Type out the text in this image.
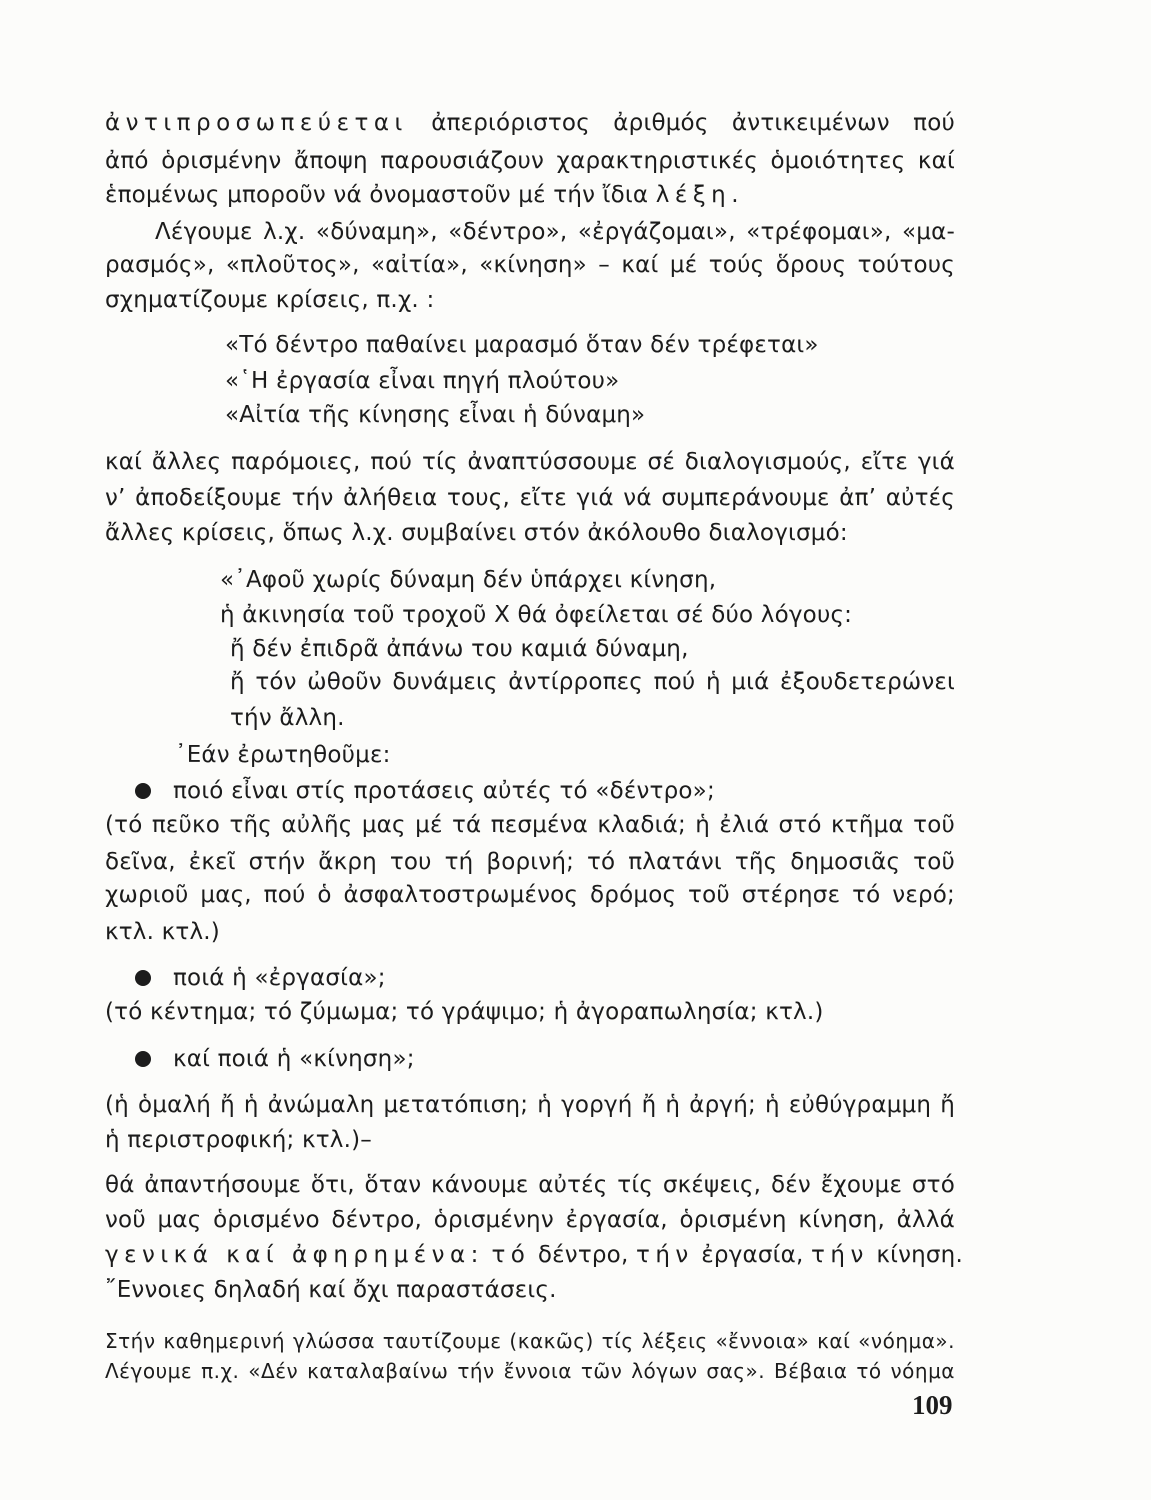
ἀντιπροσωπεύεται ἀπεριόριστος ἀριθμός ἀντικειμένων πού
ἀπό ὁρισμένην ἄποψη παρουσιάζουν χαρακτηριστικές ὁμοιότητες καί
ἑπομένως μποροῦν νά ὀνομαστοῦν μέ τήν ἴδια λέξη.
Λέγουμε λ.χ. «δύναμη», «δέντρο», «ἐργάζομαι», «τρέφομαι», «μα-
ρασμός», «πλοῦτος», «αἰτία», «κίνηση» – καί μέ τούς ὅρους τούτους
σχηματίζουμε κρίσεις, π.χ. :
«Τό δέντρο παθαίνει μαρασμό ὅταν δέν τρέφεται»
«῾Η ἐργασία εἶναι πηγή πλούτου»
«Αἰτία τῆς κίνησης εἶναι ἡ δύναμη»
καί ἄλλες παρόμοιες, πού τίς ἀναπτύσσουμε σέ διαλογισμούς, εἴτε γιά
ν’ ἀποδείξουμε τήν ἀλήθεια τους, εἴτε γιά νά συμπεράνουμε ἀπ’ αὐτές
ἄλλες κρίσεις, ὅπως λ.χ. συμβαίνει στόν ἀκόλουθο διαλογισμό:
«᾿Αφοῦ χωρίς δύναμη δέν ὑπάρχει κίνηση,
ἡ ἀκινησία τοῦ τροχοῦ Χ θά ὀφείλεται σέ δύο λόγους:
ἤ δέν ἐπιδρᾶ ἀπάνω του καμιά δύναμη,
ἤ τόν ὠθοῦν δυνάμεις ἀντίρροπες πού ἡ μιά ἐξουδετερώνει
τήν ἄλλη.
᾿Εάν ἐρωτηθοῦμε:
ποιό εἶναι στίς προτάσεις αὐτές τό «δέντρο»;
(τό πεῦκο τῆς αὐλῆς μας μέ τά πεσμένα κλαδιά; ἡ ἐλιά στό κτῆμα τοῦ
δεῖνα, ἐκεῖ στήν ἄκρη του τή βορινή; τό πλατάνι τῆς δημοσιᾶς τοῦ
χωριοῦ μας, πού ὁ ἀσφαλτοστρωμένος δρόμος τοῦ στέρησε τό νερό;
κτλ. κτλ.)
ποιά ἡ «ἐργασία»;
(τό κέντημα; τό ζύμωμα; τό γράψιμο; ἡ ἀγοραπωλησία; κτλ.)
καί ποιά ἡ «κίνηση»;
(ἡ ὁμαλή ἤ ἡ ἀνώμαλη μετατόπιση; ἡ γοργή ἤ ἡ ἀργή; ἡ εὐθύγραμμη ἤ
ἡ περιστροφική; κτλ.)–
θά ἀπαντήσουμε ὅτι, ὅταν κάνουμε αὐτές τίς σκέψεις, δέν ἔχουμε στό
νοῦ μας ὁρισμένο δέντρο, ὁρισμένην ἐργασία, ὁρισμένη κίνηση, ἀλλά
γενικά καί ἀφηρημένα: τό δέντρο, τήν ἐργασία, τήν κίνηση.
῎Εννοιες δηλαδή καί ὄχι παραστάσεις.
Στήν καθημερινή γλώσσα ταυτίζουμε (κακῶς) τίς λέξεις «ἔννοια» καί «νόημα».
Λέγουμε π.χ. «Δέν καταλαβαίνω τήν ἔννοια τῶν λόγων σας». Βέβαια τό νόημα
109
